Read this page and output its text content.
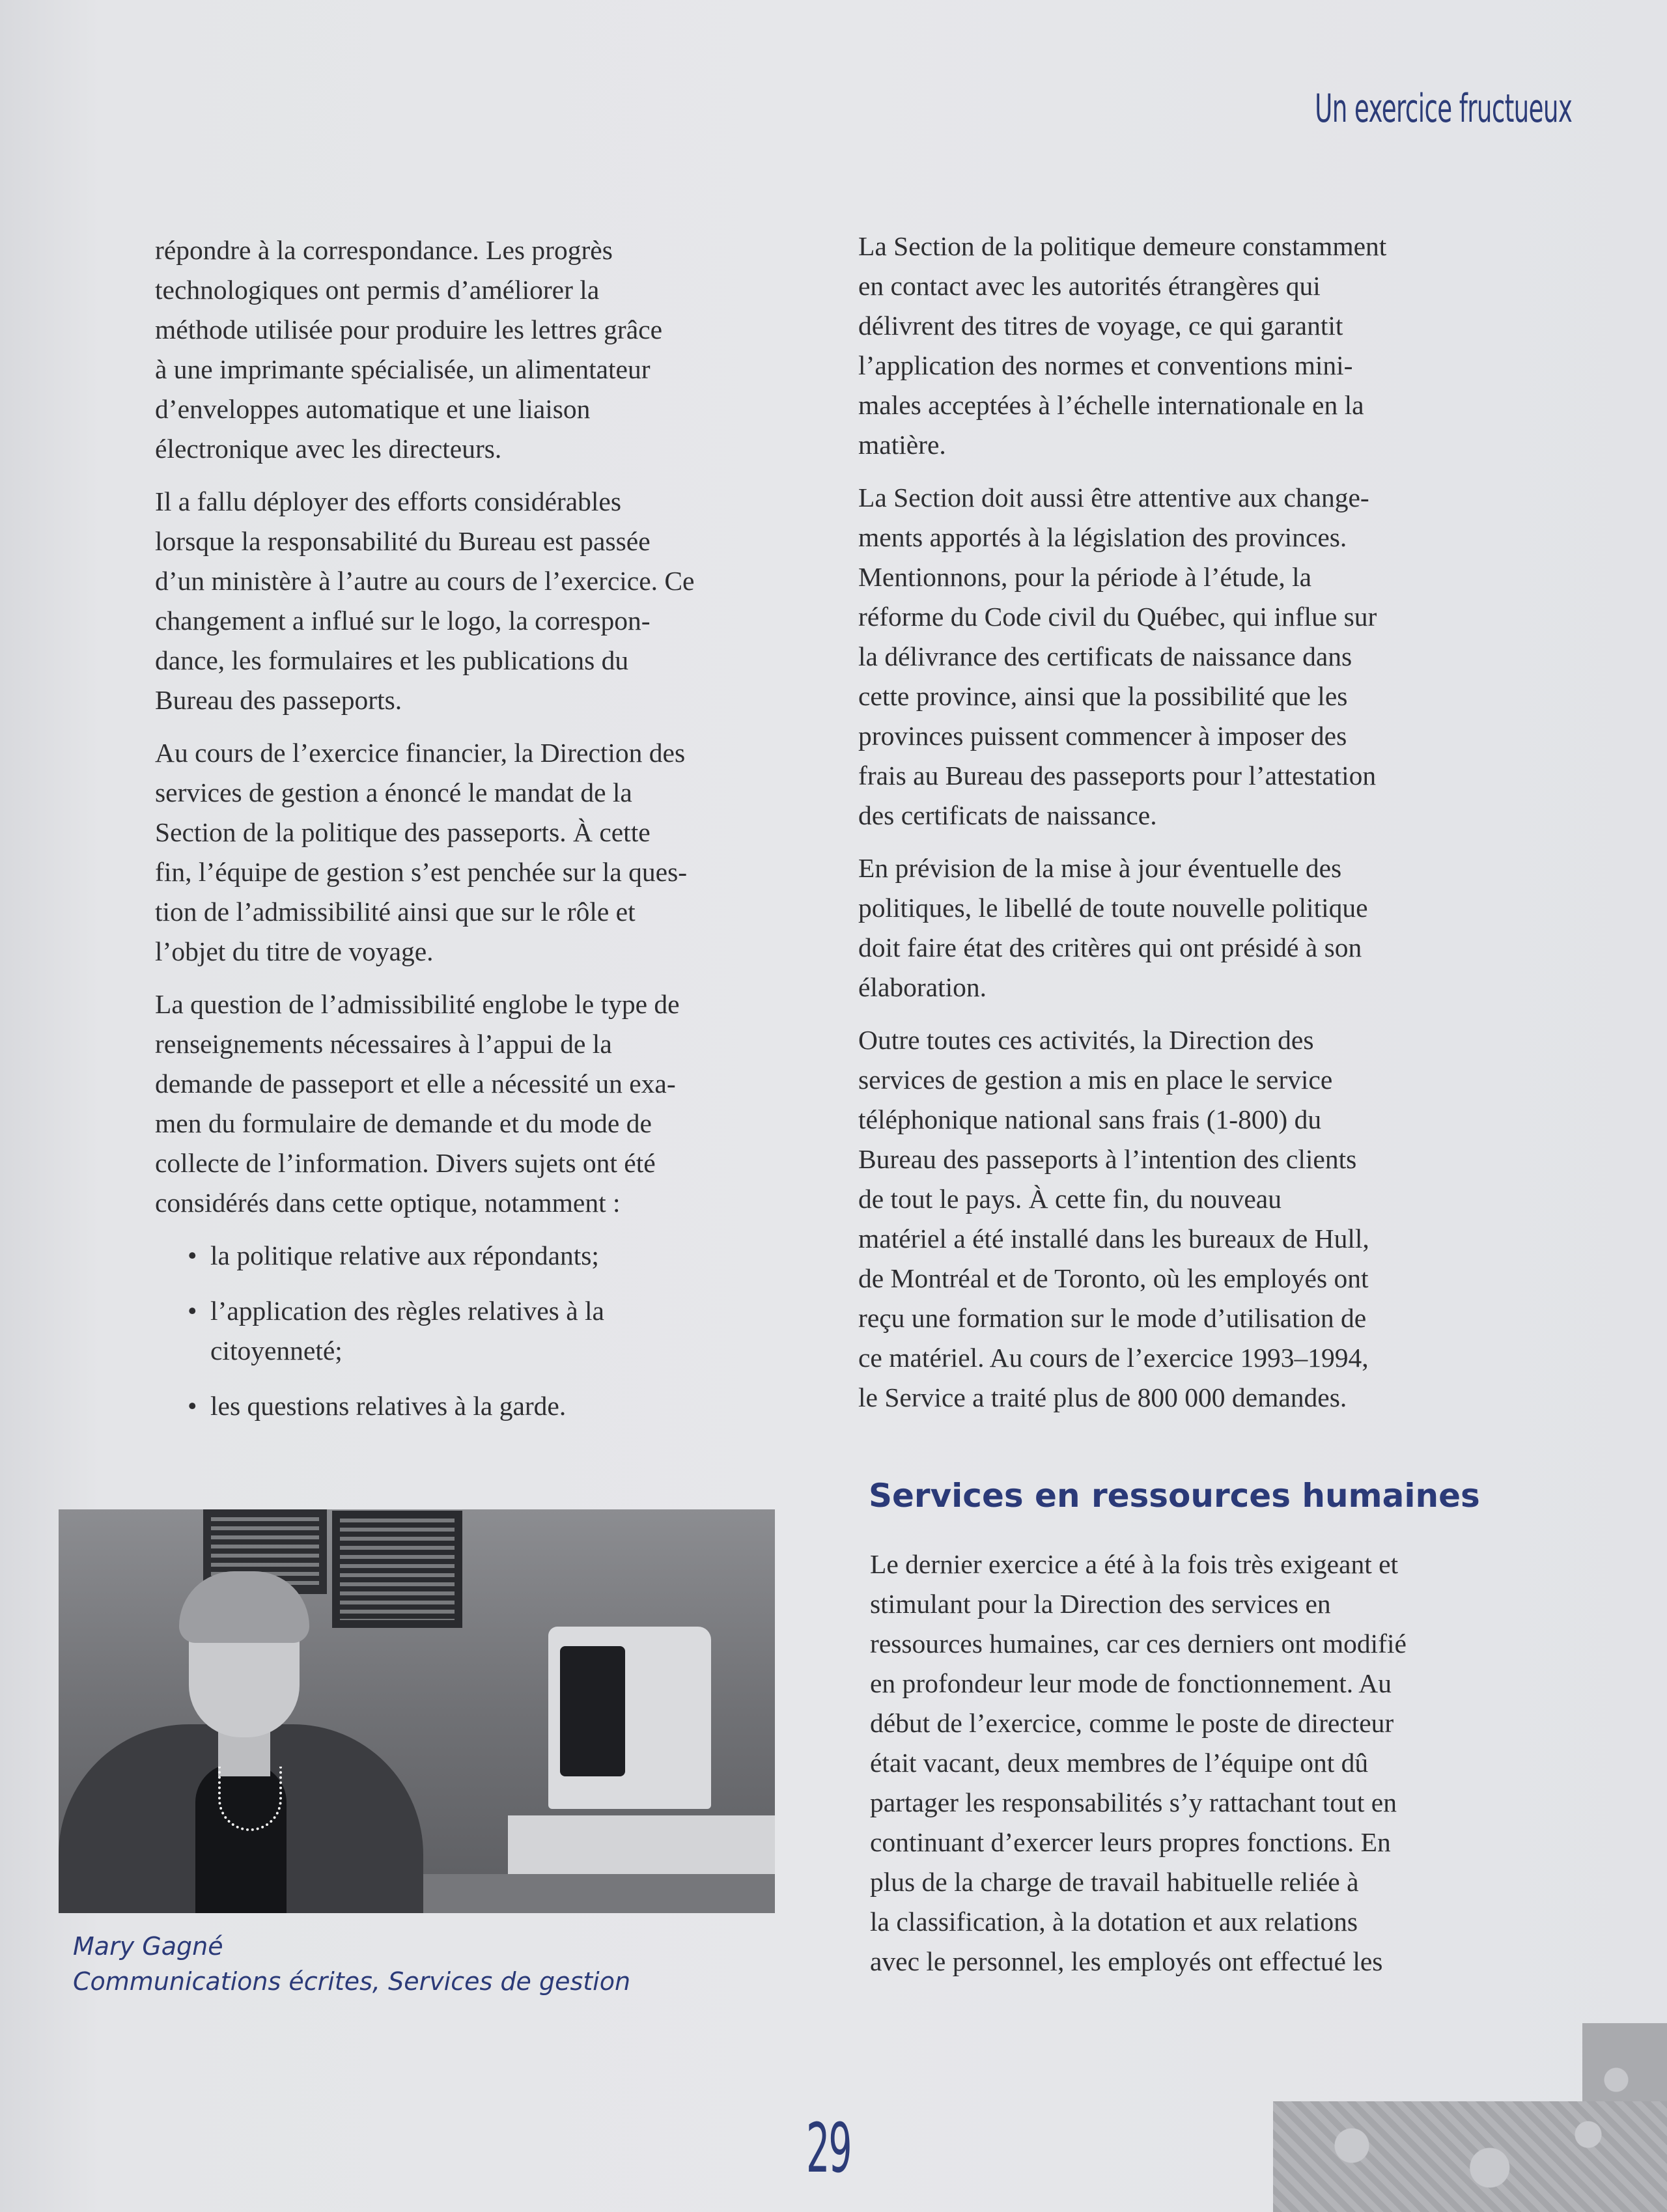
Un exercice fructueux

répondre à la correspondance. Les progrès
technologiques ont permis d’améliorer la
méthode utilisée pour produire les lettres grâce
à une imprimante spécialisée, un alimentateur
d’enveloppes automatique et une liaison
électronique avec les directeurs.

Il a fallu déployer des efforts considérables
lorsque la responsabilité du Bureau est passée
d’un ministère à l’autre au cours de l’exercice. Ce
changement a influé sur le logo, la correspon-
dance, les formulaires et les publications du
Bureau des passeports.

Au cours de l’exercice financier, la Direction des
services de gestion a énoncé le mandat de la
Section de la politique des passeports. À cette
fin, l’équipe de gestion s’est penchée sur la ques-
tion de l’admissibilité ainsi que sur le rôle et
l’objet du titre de voyage.

La question de l’admissibilité englobe le type de
renseignements nécessaires à l’appui de la
demande de passeport et elle a nécessité un exa-
men du formulaire de demande et du mode de
collecte de l’information. Divers sujets ont été
considérés dans cette optique, notamment :

• la politique relative aux répondants;
• l’application des règles relatives à la
citoyenneté;
• les questions relatives à la garde.

La Section de la politique demeure constamment
en contact avec les autorités étrangères qui
délivrent des titres de voyage, ce qui garantit
l’application des normes et conventions mini-
males acceptées à l’échelle internationale en la
matière.

La Section doit aussi être attentive aux change-
ments apportés à la législation des provinces.
Mentionnons, pour la période à l’étude, la
réforme du Code civil du Québec, qui influe sur
la délivrance des certificats de naissance dans
cette province, ainsi que la possibilité que les
provinces puissent commencer à imposer des
frais au Bureau des passeports pour l’attestation
des certificats de naissance.

En prévision de la mise à jour éventuelle des
politiques, le libellé de toute nouvelle politique
doit faire état des critères qui ont présidé à son
élaboration.

Outre toutes ces activités, la Direction des
services de gestion a mis en place le service
téléphonique national sans frais (1-800) du
Bureau des passeports à l’intention des clients
de tout le pays. À cette fin, du nouveau
matériel a été installé dans les bureaux de Hull,
de Montréal et de Toronto, où les employés ont
reçu une formation sur le mode d’utilisation de
ce matériel. Au cours de l’exercice 1993–1994,
le Service a traité plus de 800 000 demandes.

Services en ressources humaines

Le dernier exercice a été à la fois très exigeant et
stimulant pour la Direction des services en
ressources humaines, car ces derniers ont modifié
en profondeur leur mode de fonctionnement. Au
début de l’exercice, comme le poste de directeur
était vacant, deux membres de l’équipe ont dû
partager les responsabilités s’y rattachant tout en
continuant d’exercer leurs propres fonctions. En
plus de la charge de travail habituelle reliée à
la classification, à la dotation et aux relations
avec le personnel, les employés ont effectué les

Mary Gagné
Communications écrites, Services de gestion
29
